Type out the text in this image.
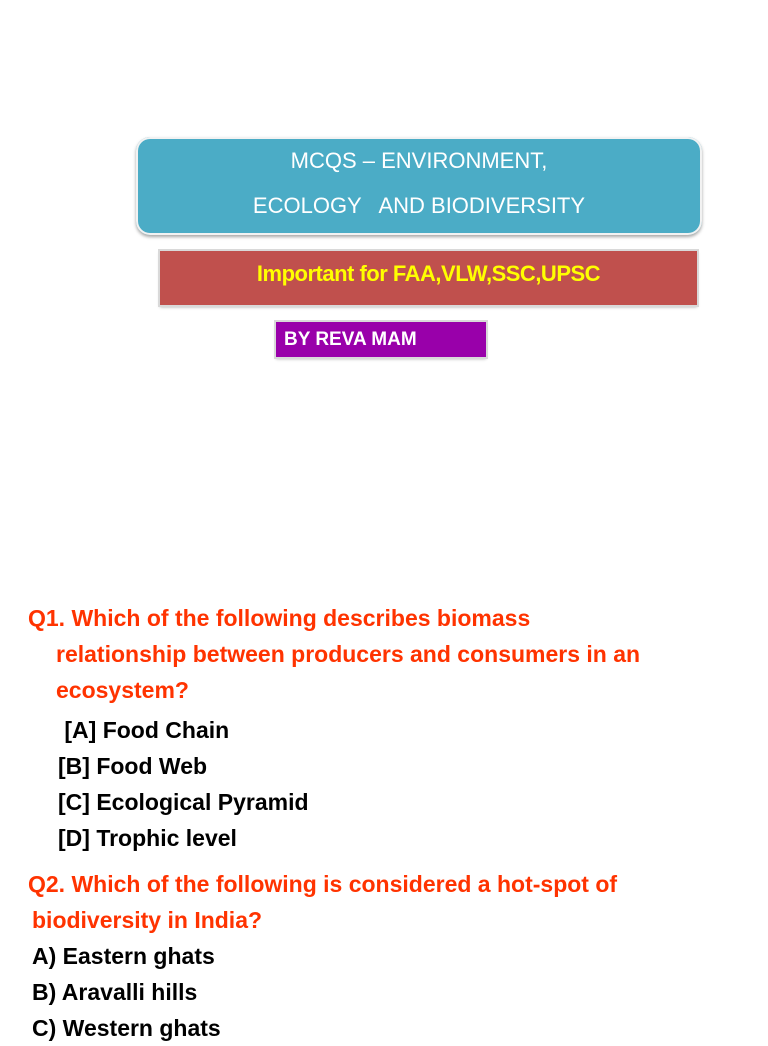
MCQS – ENVIRONMENT,
ECOLOGY   AND BIODIVERSITY
Important for FAA,VLW,SSC,UPSC
BY REVA MAM
Q1. Which of the following describes biomass
relationship between producers and consumers in an
ecosystem?
[A] Food Chain
[B] Food Web
[C] Ecological Pyramid
[D] Trophic level
Q2. Which of the following is considered a hot-spot of
biodiversity in India?
A) Eastern ghats
B) Aravalli hills
C) Western ghats
